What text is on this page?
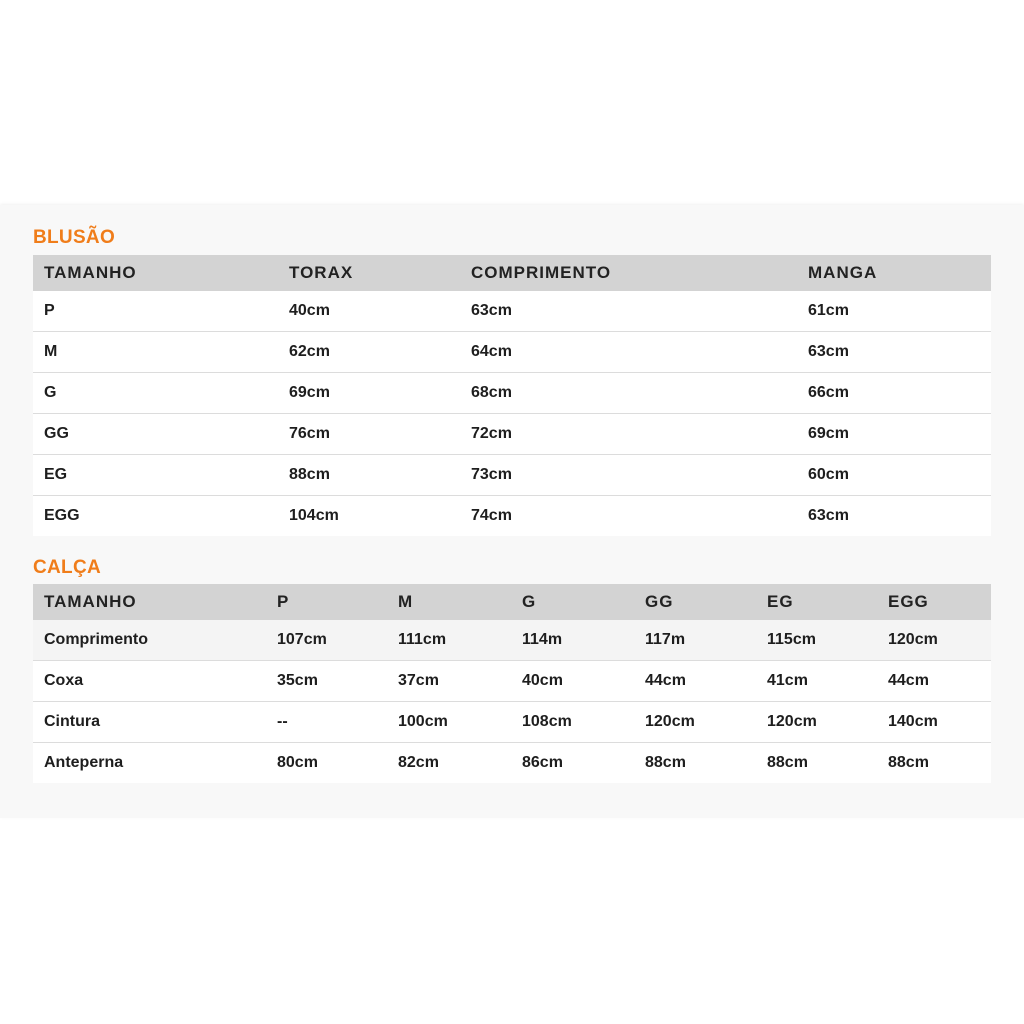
BLUSÃO
TAMANHO	TORAX	COMPRIMENTO	MANGA
P	40cm	63cm	61cm
M	62cm	64cm	63cm
G	69cm	68cm	66cm
GG	76cm	72cm	69cm
EG	88cm	73cm	60cm
EGG	104cm	74cm	63cm
CALÇA
TAMANHO	P	M	G	GG	EG	EGG
Comprimento	107cm	111cm	114m	117m	115cm	120cm
Coxa	35cm	37cm	40cm	44cm	41cm	44cm
Cintura	--	100cm	108cm	120cm	120cm	140cm
Anteperna	80cm	82cm	86cm	88cm	88cm	88cm
